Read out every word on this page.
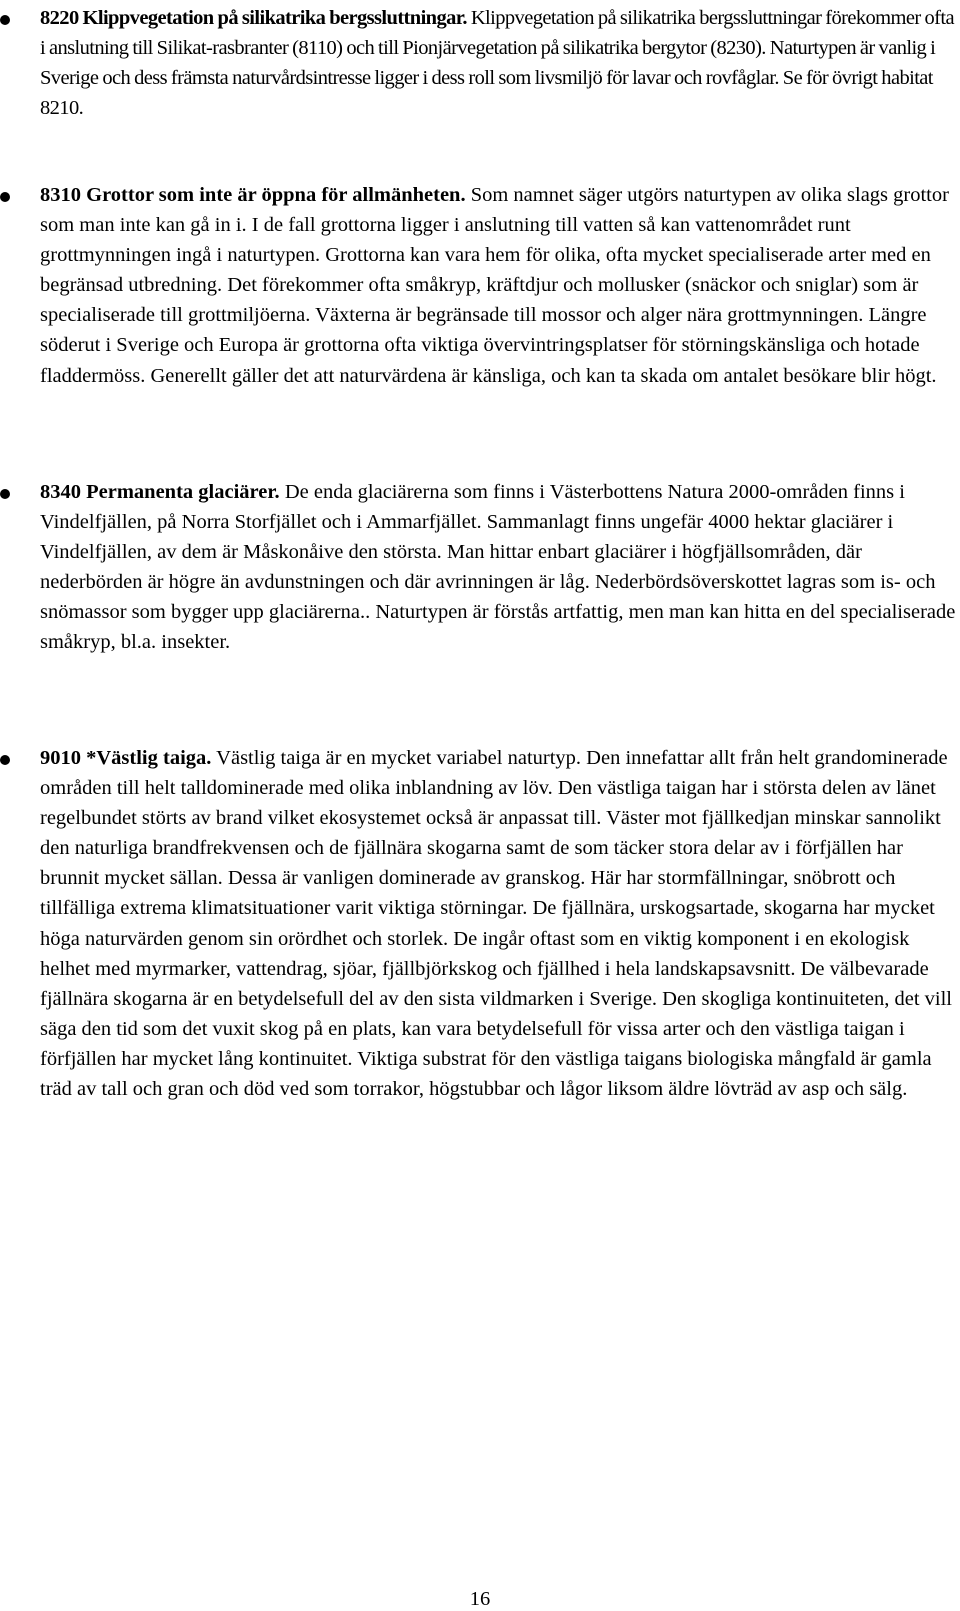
8220 Klippvegetation på silikatrika bergssluttningar. Klippvegetation på silikatrika bergssluttningar förekommer ofta i anslutning till Silikat-rasbranter (8110) och till Pionjärvegetation på silikatrika bergytor (8230). Naturtypen är vanlig i Sverige och dess främsta naturvårdsintresse ligger i dess roll som livsmiljö för lavar och rovfåglar. Se för övrigt habitat 8210.
8310 Grottor som inte är öppna för allmänheten. Som namnet säger utgörs naturtypen av olika slags grottor som man inte kan gå in i. I de fall grottorna ligger i anslutning till vatten så kan vattenområdet runt grottmynningen ingå i naturtypen. Grottorna kan vara hem för olika, ofta mycket specialiserade arter med en begränsad utbredning. Det förekommer ofta småkryp, kräftdjur och mollusker (snäckor och sniglar) som är specialiserade till grottmiljöerna. Växterna är begränsade till mossor och alger nära grottmynningen. Längre söderut i Sverige och Europa är grottorna ofta viktiga övervintringsplatser för störningskänsliga och hotade fladdermöss. Generellt gäller det att naturvärdena är känsliga, och kan ta skada om antalet besökare blir högt.
8340 Permanenta glaciärer. De enda glaciärerna som finns i Västerbottens Natura 2000-områden finns i Vindelfjällen, på Norra Storfjället och i Ammarfjället. Sammanlagt finns ungefär 4000 hektar glaciärer i Vindelfjällen, av dem är Måskonåive den största. Man hittar enbart glaciärer i högfjällsområden, där nederbörden är högre än avdunstningen och där avrinningen är låg. Nederbördsöverskottet lagras som is- och snömassor som bygger upp glaciärerna.. Naturtypen är förstås artfattig, men man kan hitta en del specialiserade småkryp, bl.a. insekter.
9010 *Västlig taiga. Västlig taiga är en mycket variabel naturtyp. Den innefattar allt från helt grandominerade områden till helt talldominerade med olika inblandning av löv. Den västliga taigan har i största delen av länet regelbundet störts av brand vilket ekosystemet också är anpassat till. Väster mot fjällkedjan minskar sannolikt den naturliga brandfrekvensen och de fjällnära skogarna samt de som täcker stora delar av i förfjällen har brunnit mycket sällan. Dessa är vanligen dominerade av granskog. Här har stormfällningar, snöbrott och tillfälliga extrema klimatsituationer varit viktiga störningar. De fjällnära, urskogsartade, skogarna har mycket höga naturvärden genom sin orördhet och storlek. De ingår oftast som en viktig komponent i en ekologisk helhet med myrmarker, vattendrag, sjöar, fjällbjörkskog och fjällhed i hela landskapsavsnitt. De välbevarade fjällnära skogarna är en betydelsefull del av den sista vildmarken i Sverige. Den skogliga kontinuiteten, det vill säga den tid som det vuxit skog på en plats, kan vara betydelsefull för vissa arter och den västliga taigan i förfjällen har mycket lång kontinuitet. Viktiga substrat för den västliga taigans biologiska mångfald är gamla träd av tall och gran och död ved som torrakor, högstubbar och lågor liksom äldre lövträd av asp och sälg.
16
